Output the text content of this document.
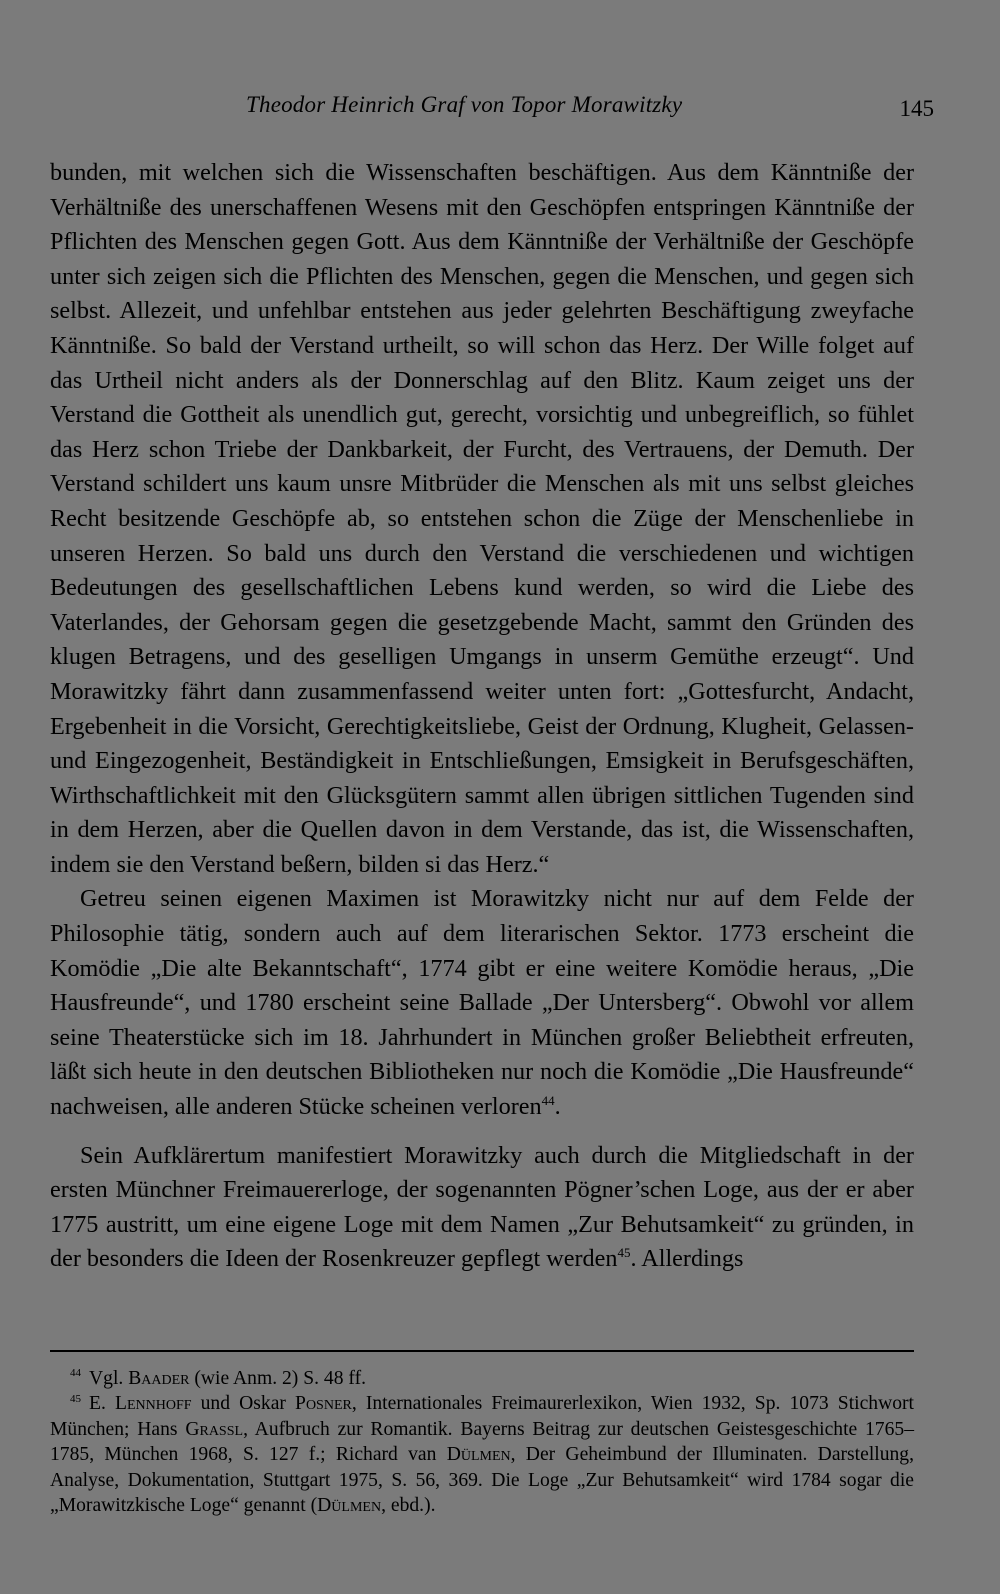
Theodor Heinrich Graf von Topor Morawitzky	145

bunden, mit welchen sich die Wissenschaften beschäftigen. Aus dem Känntnißе der Verhältnißе des unerschaffenen Wesens mit den Geschöpfen entspringen Känntnißе der Pflichten des Menschen gegen Gott. Aus dem Känntnißе der Verhältnißе der Geschöpfe unter sich zeigen sich die Pflichten des Menschen, gegen die Menschen, und gegen sich selbst. Allezeit, und unfehlbar entstehen aus jeder gelehrten Beschäftigung zweyfache Känntnißе. So bald der Verstand urtheilt, so will schon das Herz. Der Wille folget auf das Urtheil nicht anders als der Donnerschlag auf den Blitz. Kaum zeiget uns der Verstand die Gottheit als unendlich gut, gerecht, vorsichtig und unbegreiflich, so fühlet das Herz schon Triebe der Dankbarkeit, der Furcht, des Vertrauens, der Demuth. Der Verstand schildert uns kaum unsre Mitbrüder die Menschen als mit uns selbst gleiches Recht besitzende Geschöpfe ab, so entstehen schon die Züge der Menschenliebe in unseren Herzen. So bald uns durch den Verstand die verschiedenen und wichtigen Bedeutungen des gesellschaftlichen Lebens kund werden, so wird die Liebe des Vaterlandes, der Gehorsam gegen die gesetzgebende Macht, sammt den Gründen des klugen Betragens, und des geselligen Umgangs in unserm Gemüthe erzeugt“. Und Morawitzky fährt dann zusammenfassend weiter unten fort: „Gottesfurcht, Andacht, Ergebenheit in die Vorsicht, Gerechtigkeitsliebe, Geist der Ordnung, Klugheit, Gelassen- und Eingezogenheit, Beständigkeit in Entschließungen, Emsigkeit in Berufsgeschäften, Wirthschaftlichkeit mit den Glücksgütern sammt allen übrigen sittlichen Tugenden sind in dem Herzen, aber die Quellen davon in dem Verstande, das ist, die Wissenschaften, indem sie den Verstand beßern, bilden si das Herz.“

Getreu seinen eigenen Maximen ist Morawitzky nicht nur auf dem Felde der Philosophie tätig, sondern auch auf dem literarischen Sektor. 1773 erscheint die Komödie „Die alte Bekanntschaft“, 1774 gibt er eine weitere Komödie heraus, „Die Hausfreunde“, und 1780 erscheint seine Ballade „Der Untersberg“. Obwohl vor allem seine Theaterstücke sich im 18. Jahrhundert in München großer Beliebtheit erfreuten, läßt sich heute in den deutschen Bibliotheken nur noch die Komödie „Die Hausfreunde“ nachweisen, alle anderen Stücke scheinen verloren$^{44}$.

Sein Aufklärertum manifestiert Morawitzky auch durch die Mitgliedschaft in der ersten Münchner Freimauererloge, der sogenannten Pögner’schen Loge, aus der er aber 1775 austritt, um eine eigene Loge mit dem Namen „Zur Behutsamkeit“ zu gründen, in der besonders die Ideen der Rosenkreuzer gepflegt werden$^{45}$. Allerdings

$^{44}$ Vgl. Baader (wie Anm. 2) S. 48 ff.

$^{45}$ E. Lennhoff und Oskar Posner, Internationales Freimaurerlexikon, Wien 1932, Sp. 1073 Stichwort München; Hans Grassl, Aufbruch zur Romantik. Bayerns Beitrag zur deutschen Geistesgeschichte 1765–1785, München 1968, S. 127 f.; Richard van Dülmen, Der Geheimbund der Illuminaten. Darstellung, Analyse, Dokumentation, Stuttgart 1975, S. 56, 369. Die Loge „Zur Behutsamkeit“ wird 1784 sogar die „Morawitzkische Loge“ genannt (Dülmen, ebd.).
